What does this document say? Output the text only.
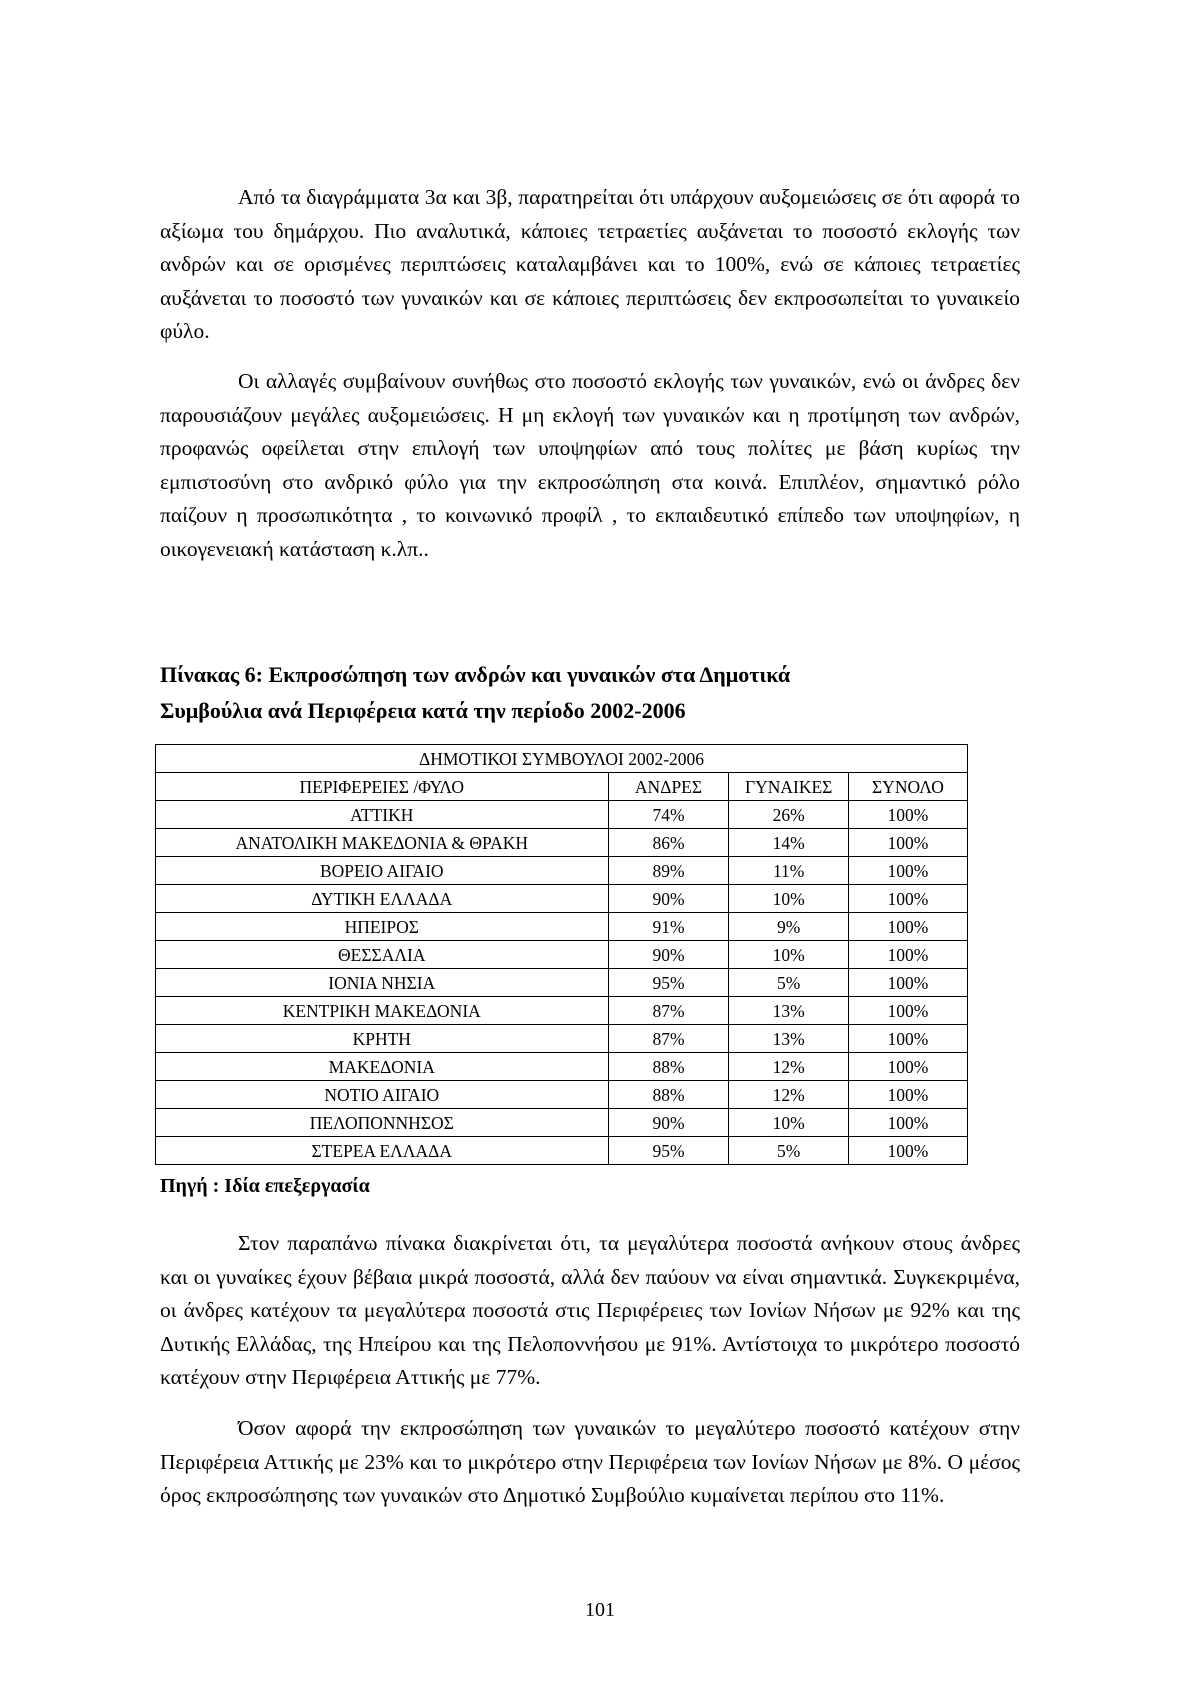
Από τα διαγράμματα 3α και 3β, παρατηρείται ότι υπάρχουν αυξομειώσεις σε ότι αφορά το αξίωμα του δημάρχου. Πιο αναλυτικά, κάποιες τετραετίες αυξάνεται το ποσοστό εκλογής των ανδρών και σε ορισμένες περιπτώσεις καταλαμβάνει και το 100%, ενώ σε κάποιες τετραετίες αυξάνεται το ποσοστό των γυναικών και σε κάποιες περιπτώσεις δεν εκπροσωπείται το γυναικείο φύλο.

Οι αλλαγές συμβαίνουν συνήθως στο ποσοστό εκλογής των γυναικών, ενώ οι άνδρες δεν παρουσιάζουν μεγάλες αυξομειώσεις. Η μη εκλογή των γυναικών και η προτίμηση των ανδρών, προφανώς οφείλεται στην επιλογή των υποψηφίων από τους πολίτες με βάση κυρίως την εμπιστοσύνη στο ανδρικό φύλο για την εκπροσώπηση στα κοινά. Επιπλέον, σημαντικό ρόλο παίζουν η προσωπικότητα , το κοινωνικό προφίλ , το εκπαιδευτικό επίπεδο των υποψηφίων, η οικογενειακή κατάσταση κ.λπ..

Πίνακας 6: Εκπροσώπηση των ανδρών και γυναικών στα Δημοτικά
Συμβούλια ανά Περιφέρεια κατά την περίοδο 2002-2006
ΔΗΜΟΤΙΚΟΙ ΣΥΜΒΟΥΛΟΙ 2002-2006			
ΠΕΡΙΦΕΡΕΙΕΣ /ΦΥΛΟ	ΑΝΔΡΕΣ	ΓΥΝΑΙΚΕΣ	ΣΥΝΟΛΟ
ΑΤΤΙΚΗ	74%	26%	100%
ΑΝΑΤΟΛΙΚΗ ΜΑΚΕΔΟΝΙΑ & ΘΡΑΚΗ	86%	14%	100%
ΒΟΡΕΙΟ ΑΙΓΑΙΟ	89%	11%	100%
ΔΥΤΙΚΗ ΕΛΛΑΔΑ	90%	10%	100%
ΗΠΕΙΡΟΣ	91%	9%	100%
ΘΕΣΣΑΛΙΑ	90%	10%	100%
ΙΟΝΙΑ ΝΗΣΙΑ	95%	5%	100%
ΚΕΝΤΡΙΚΗ ΜΑΚΕΔΟΝΙΑ	87%	13%	100%
ΚΡΗΤΗ	87%	13%	100%
ΜΑΚΕΔΟΝΙΑ	88%	12%	100%
ΝΟΤΙΟ ΑΙΓΑΙΟ	88%	12%	100%
ΠΕΛΟΠΟΝΝΗΣΟΣ	90%	10%	100%
ΣΤΕΡΕΑ ΕΛΛΑΔΑ	95%	5%	100%

Πηγή : Ιδία επεξεργασία

Στον παραπάνω πίνακα διακρίνεται ότι, τα μεγαλύτερα ποσοστά ανήκουν στους άνδρες και οι γυναίκες έχουν βέβαια μικρά ποσοστά, αλλά δεν παύουν να είναι σημαντικά. Συγκεκριμένα, οι άνδρες κατέχουν τα μεγαλύτερα ποσοστά στις Περιφέρειες των Ιονίων Νήσων με 92% και της Δυτικής Ελλάδας, της Ηπείρου και της Πελοποννήσου με 91%. Αντίστοιχα το μικρότερο ποσοστό κατέχουν στην Περιφέρεια Αττικής με 77%.

Όσον αφορά την εκπροσώπηση των γυναικών το μεγαλύτερο ποσοστό κατέχουν στην Περιφέρεια Αττικής με 23% και το μικρότερο στην Περιφέρεια των Ιονίων Νήσων με 8%. Ο μέσος όρος εκπροσώπησης των γυναικών στο Δημοτικό Συμβούλιο κυμαίνεται περίπου στο 11%.

101
